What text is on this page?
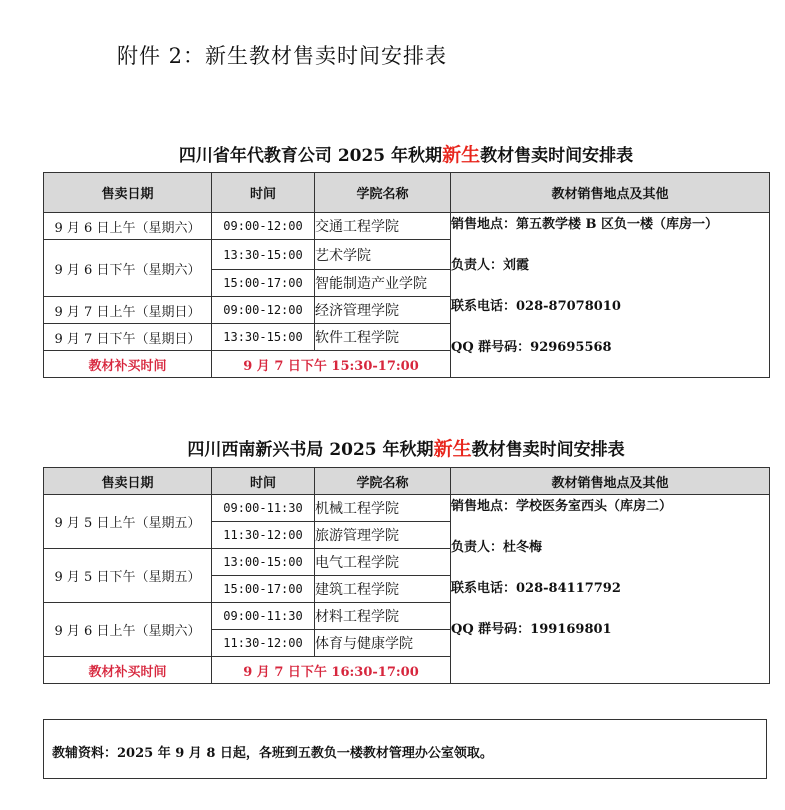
附件 2：新生教材售卖时间安排表
四川省年代教育公司 2025 年秋期新生教材售卖时间安排表
售卖日期	时间	学院名称	教材销售地点及其他
9 月 6 日上午（星期六）	09:00-12:00	交通工程学院	销售地点：第五教学楼 B 区负一楼（库房一）
负责人：刘霞
联系电话：028-87078010
QQ 群号码：929695568

9 月 6 日下午（星期六）	13:30-15:00	艺术学院	
	15:00-17:00	智能制造产业学院	
9 月 7 日上午（星期日）	09:00-12:00	经济管理学院	
9 月 7 日下午（星期日）	13:30-15:00	软件工程学院	
教材补买时间	9 月 7 日下午 15:30-17:00		
四川西南新兴书局 2025 年秋期新生教材售卖时间安排表
售卖日期	时间	学院名称	教材销售地点及其他
9 月 5 日上午（星期五）	09:00-11:30	机械工程学院	销售地点：学校医务室西头（库房二）
负责人：杜冬梅
联系电话：028-84117792
QQ 群号码：199169801

	11:30-12:00	旅游管理学院	
9 月 5 日下午（星期五）	13:00-15:00	电气工程学院	
	15:00-17:00	建筑工程学院	
9 月 6 日上午（星期六）	09:00-11:30	材料工程学院	
	11:30-12:00	体育与健康学院	
教材补买时间	9 月 7 日下午 16:30-17:00		
教辅资料：2025 年 9 月 8 日起，各班到五教负一楼教材管理办公室领取。
